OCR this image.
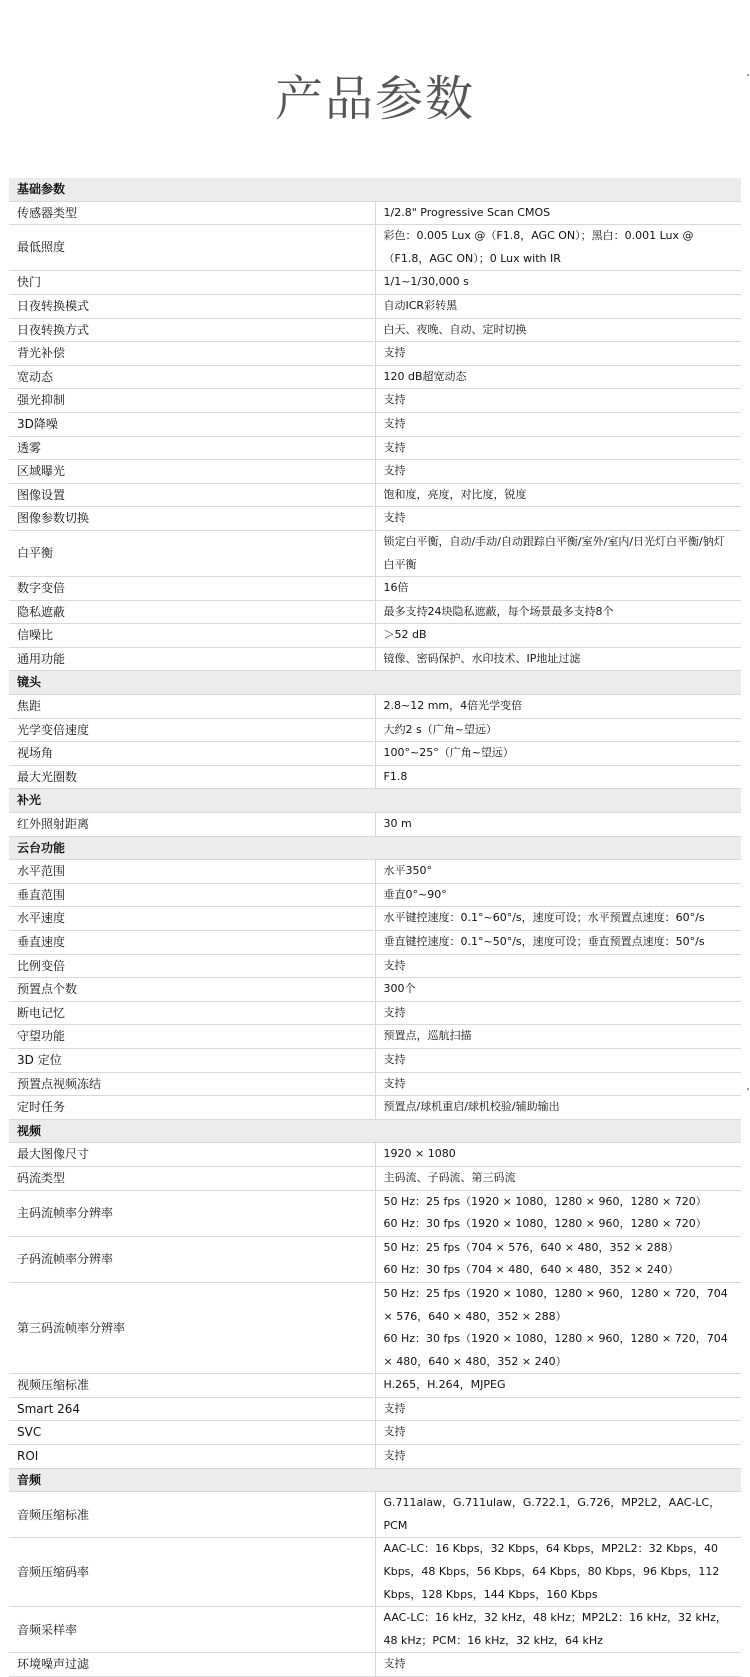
产品参数
基础参数	
传感器类型	1/2.8" Progressive Scan CMOS
最低照度	彩色：0.005 Lux @（F1.8，AGC ON）；黑白：0.001 Lux @（F1.8，AGC ON）；0 Lux with IR
快门	1/1~1/30,000 s
日夜转换模式	自动ICR彩转黑
日夜转换方式	白天、夜晚、自动、定时切换
背光补偿	支持
宽动态	120 dB超宽动态
强光抑制	支持
3D降噪	支持
透雾	支持
区域曝光	支持
图像设置	饱和度，亮度，对比度，锐度
图像参数切换	支持
白平衡	锁定白平衡，自动/手动/自动跟踪白平衡/室外/室内/日光灯白平衡/钠灯白平衡
数字变倍	16倍
隐私遮蔽	最多支持24块隐私遮蔽，每个场景最多支持8个
信噪比	＞52 dB
通用功能	镜像、密码保护、水印技术、IP地址过滤
镜头	
焦距	2.8~12 mm，4倍光学变倍
光学变倍速度	大约2 s（广角~望远）
视场角	100°~25°（广角~望远）
最大光圈数	F1.8
补光	
红外照射距离	30 m
云台功能	
水平范围	水平350°
垂直范围	垂直0°~90°
水平速度	水平键控速度：0.1°~60°/s，速度可设；水平预置点速度：60°/s
垂直速度	垂直键控速度：0.1°~50°/s，速度可设；垂直预置点速度：50°/s
比例变倍	支持
预置点个数	300个
断电记忆	支持
守望功能	预置点，巡航扫描
3D 定位	支持
预置点视频冻结	支持
定时任务	预置点/球机重启/球机校验/辅助输出
视频	
最大图像尺寸	1920 × 1080
码流类型	主码流、子码流、第三码流
主码流帧率分辨率	50 Hz：25 fps（1920 × 1080，1280 × 960，1280 × 720）
60 Hz：30 fps（1920 × 1080，1280 × 960，1280 × 720）
子码流帧率分辨率	50 Hz：25 fps（704 × 576，640 × 480，352 × 288）
60 Hz：30 fps（704 × 480，640 × 480，352 × 240）
第三码流帧率分辨率	50 Hz：25 fps（1920 × 1080，1280 × 960，1280 × 720，704 × 576，640 × 480，352 × 288）
60 Hz：30 fps（1920 × 1080，1280 × 960，1280 × 720，704 × 480，640 × 480，352 × 240）
视频压缩标准	H.265，H.264，MJPEG
Smart 264	支持
SVC	支持
ROI	支持
音频	
音频压缩标准	G.711alaw，G.711ulaw，G.722.1，G.726，MP2L2，AAC-LC，PCM
音频压缩码率	AAC-LC：16 Kbps，32 Kbps，64 Kbps，MP2L2：32 Kbps，40 Kbps，48 Kbps，56 Kbps，64 Kbps，80 Kbps，96 Kbps，112 Kbps，128 Kbps，144 Kbps，160 Kbps
音频采样率	AAC-LC：16 kHz，32 kHz，48 kHz；MP2L2：16 kHz，32 kHz，48 kHz；PCM：16 kHz，32 kHz，64 kHz
环境噪声过滤	支持
